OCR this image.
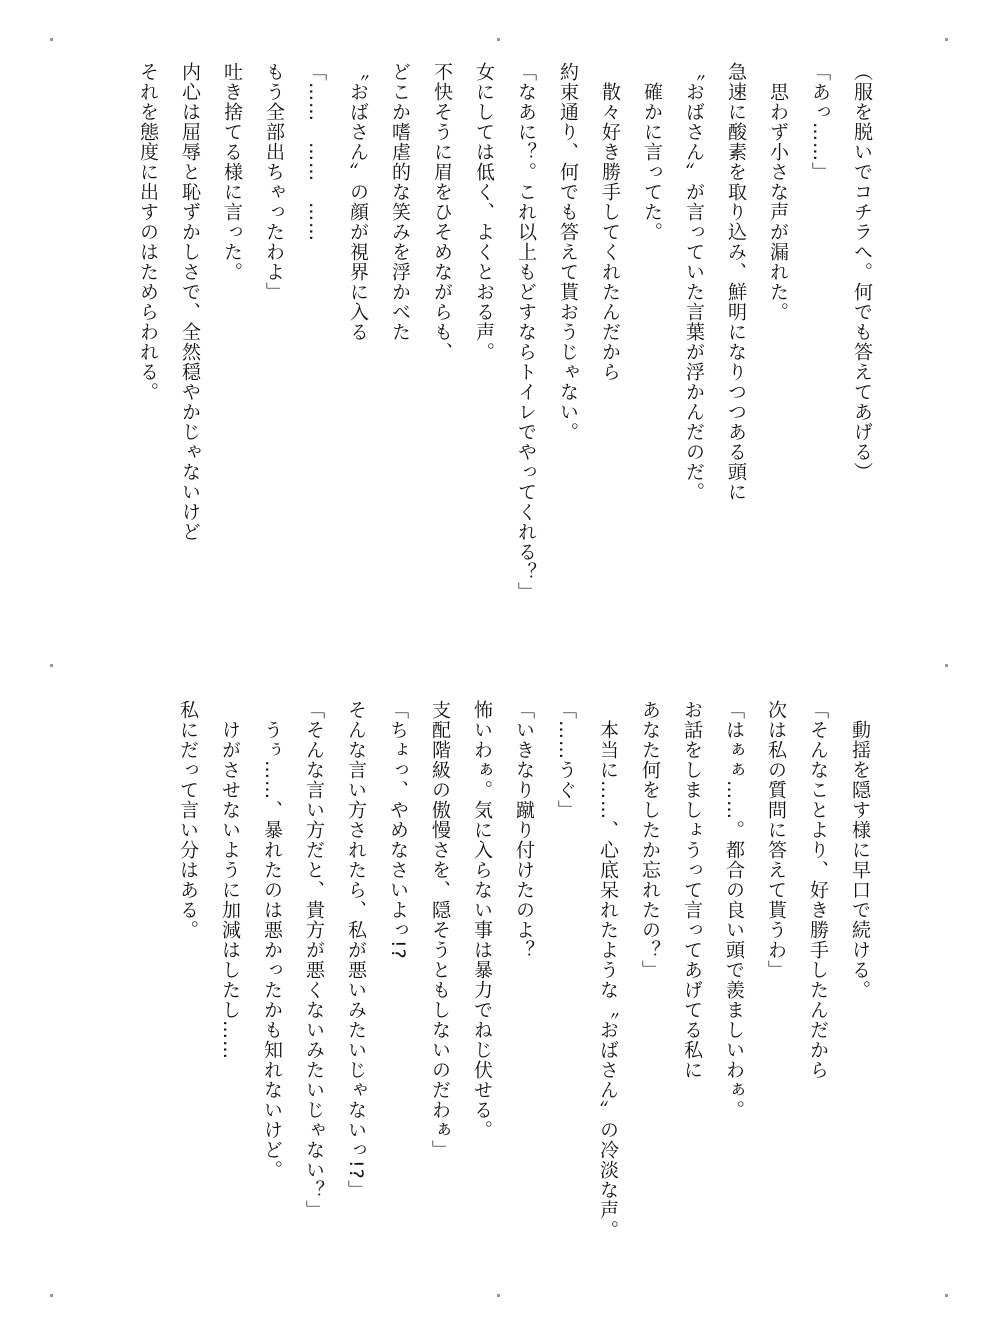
（服を脱いでコチラへ。何でも答えてあげる）
「あっ……」
思わず小さな声が漏れた。
急速に酸素を取り込み、鮮明になりつつある頭に
〝おばさん〟が言っていた言葉が浮かんだのだ。
確かに言ってた。
散々好き勝手してくれたんだから
約束通り、何でも答えて貰おうじゃない。
「なあに？。これ以上もどすならトイレでやってくれる？」
女にしては低く、よくとおる声。
不快そうに眉をひそめながらも、
どこか嗜虐的な笑みを浮かべた
〝おばさん〟の顔が視界に入る
「……　……　……
もう全部出ちゃったわよ」
吐き捨てる様に言った。
内心は屈辱と恥ずかしさで、全然穏やかじゃないけど
それを態度に出すのはためらわれる。
動揺を隠す様に早口で続ける。
「そんなことより、好き勝手したんだから
次は私の質問に答えて貰うわ」
「はぁぁ……。都合の良い頭で羨ましいわぁ。
お話をしましょうって言ってあげてる私に
あなた何をしたか忘れたの？」
本当に……、心底呆れたような〝おばさん〟の冷淡な声。
「……うぐ」
「いきなり蹴り付けたのよ？
怖いわぁ。気に入らない事は暴力でねじ伏せる。
支配階級の傲慢さを、隠そうともしないのだわぁ」
「ちょっ、やめなさいよっ!?
そんな言い方されたら、私が悪いみたいじゃないっ!?」
「そんな言い方だと、貴方が悪くないみたいじゃない？」
うぅ……、暴れたのは悪かったかも知れないけど。
けがさせないように加減はしたし……
私にだって言い分はある。
